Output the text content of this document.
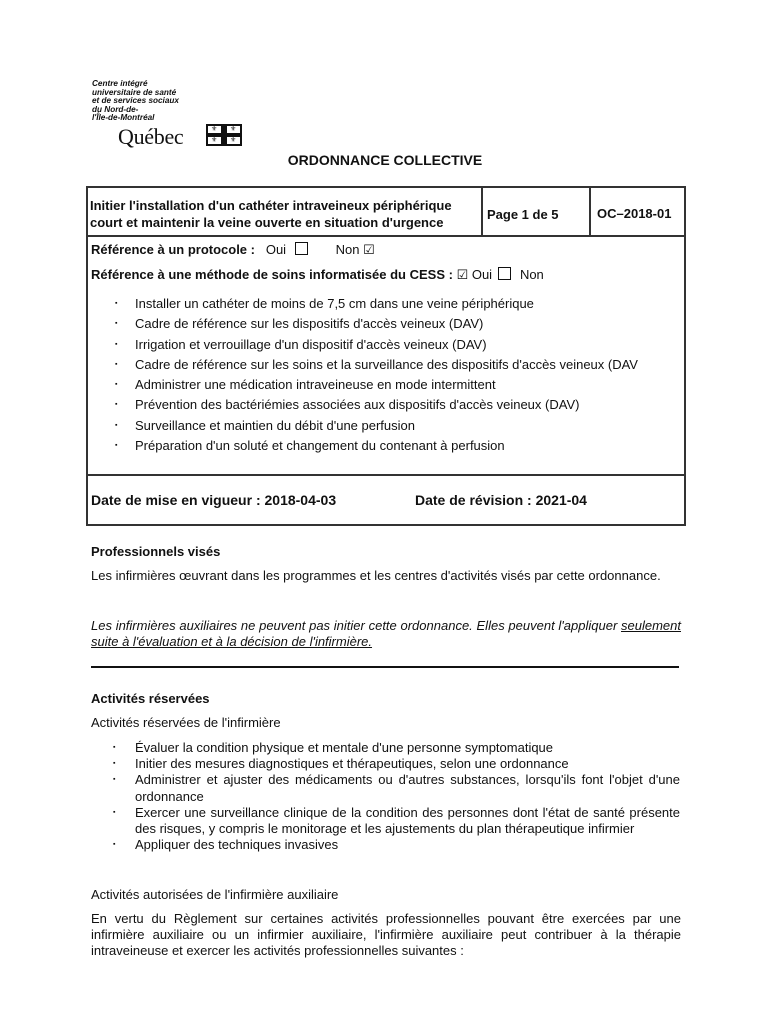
Centre intégré
universitaire de santé
et de services sociaux
du Nord-de-
l'Île-de-Montréal
Québec	⚜ ⚜
⚜ ⚜
ORDONNANCE COLLECTIVE
Initier l'installation d'un cathéter intraveineux périphérique
court et maintenir la veine ouverte en situation d'urgence
Page 1 de 5	OC–2018-01
Référence à un protocole : Oui	Non ☑
Référence à une méthode de soins informatisée du CESS : ☑ Oui Non
▪ Installer un cathéter de moins de 7,5 cm dans une veine périphérique
▪ Cadre de référence sur les dispositifs d'accès veineux (DAV)
▪ Irrigation et verrouillage d'un dispositif d'accès veineux (DAV)
▪ Cadre de référence sur les soins et la surveillance des dispositifs d'accès veineux (DAV
▪ Administrer une médication intraveineuse en mode intermittent
▪ Prévention des bactériémies associées aux dispositifs d'accès veineux (DAV)
▪ Surveillance et maintien du débit d'une perfusion
▪ Préparation d'un soluté et changement du contenant à perfusion
Date de mise en vigueur : 2018-04-03	Date de révision : 2021-04
Professionnels visés
Les infirmières œuvrant dans les programmes et les centres d'activités visés par cette ordonnance.
Les infirmières auxiliaires ne peuvent pas initier cette ordonnance. Elles peuvent l'appliquer seulement suite à l'évaluation et à la décision de l'infirmière.
Activités réservées
Activités réservées de l'infirmière
▪ Évaluer la condition physique et mentale d'une personne symptomatique
▪ Initier des mesures diagnostiques et thérapeutiques, selon une ordonnance
▪ Administrer et ajuster des médicaments ou d'autres substances, lorsqu'ils font l'objet d'une ordonnance
▪ Exercer une surveillance clinique de la condition des personnes dont l'état de santé présente des risques, y compris le monitorage et les ajustements du plan thérapeutique infirmier
▪ Appliquer des techniques invasives
Activités autorisées de l'infirmière auxiliaire
En vertu du Règlement sur certaines activités professionnelles pouvant être exercées par une infirmière auxiliaire ou un infirmier auxiliaire, l'infirmière auxiliaire peut contribuer à la thérapie intraveineuse et exercer les activités professionnelles suivantes :
